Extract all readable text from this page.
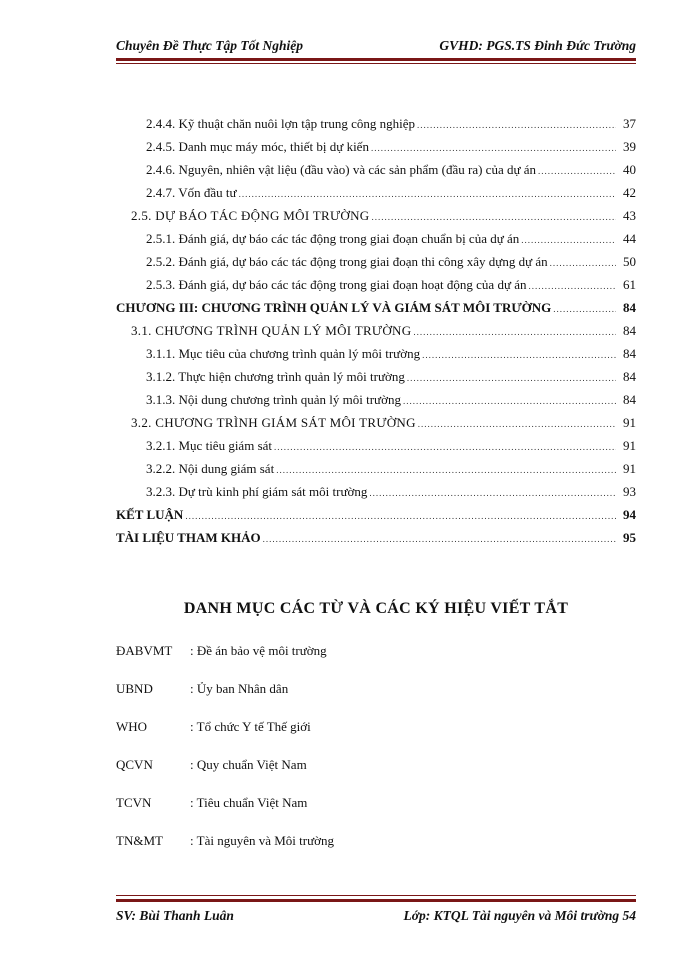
Chuyên Đề Thực Tập Tốt Nghiệp	GVHD: PGS.TS Đinh Đức Trường
2.4.4. Kỹ thuật chăn nuôi lợn tập trung công nghiệp .....	37
2.4.5. Danh mục máy móc, thiết bị dự kiến .....	39
2.4.6. Nguyên, nhiên vật liệu (đầu vào) và các sản phẩm (đầu ra) của dự án .....	40
2.4.7. Vốn đầu tư .....	42
2.5. DỰ BÁO TÁC ĐỘNG MÔI TRƯỜNG .....	43
2.5.1. Đánh giá, dự báo các tác động trong giai đoạn chuẩn bị của dự án .....	44
2.5.2. Đánh giá, dự báo các tác động trong giai đoạn thi công xây dựng dự án .....	50
2.5.3. Đánh giá, dự báo các tác động trong giai đoạn hoạt động của dự án .....	61
CHƯƠNG III: CHƯƠNG TRÌNH QUẢN LÝ VÀ GIÁM SÁT MÔI TRƯỜNG .....	84
3.1. CHƯƠNG TRÌNH QUẢN LÝ MÔI TRƯỜNG .....	84
3.1.1. Mục tiêu của chương trình quản lý môi trường .....	84
3.1.2. Thực hiện chương trình quản lý môi trường .....	84
3.1.3. Nội dung chương trình quản lý môi trường .....	84
3.2. CHƯƠNG TRÌNH GIÁM SÁT MÔI TRƯỜNG .....	91
3.2.1. Mục tiêu giám sát .....	91
3.2.2. Nội dung giám sát .....	91
3.2.3. Dự trù kinh phí giám sát môi trường .....	93
KẾT LUẬN .....	94
TÀI LIỆU THAM KHẢO .....	95
DANH MỤC CÁC TỪ VÀ CÁC KÝ HIỆU VIẾT TẮT
ĐABVMT : Đề án bảo vệ môi trường
UBND	: Ủy ban Nhân dân
WHO	: Tổ chức Y tế Thế giới
QCVN	: Quy chuẩn Việt Nam
TCVN	: Tiêu chuẩn Việt Nam
TN&MT : Tài nguyên và Môi trường
SV: Bùi Thanh Luân	Lớp: KTQL Tài nguyên và Môi trường 54
